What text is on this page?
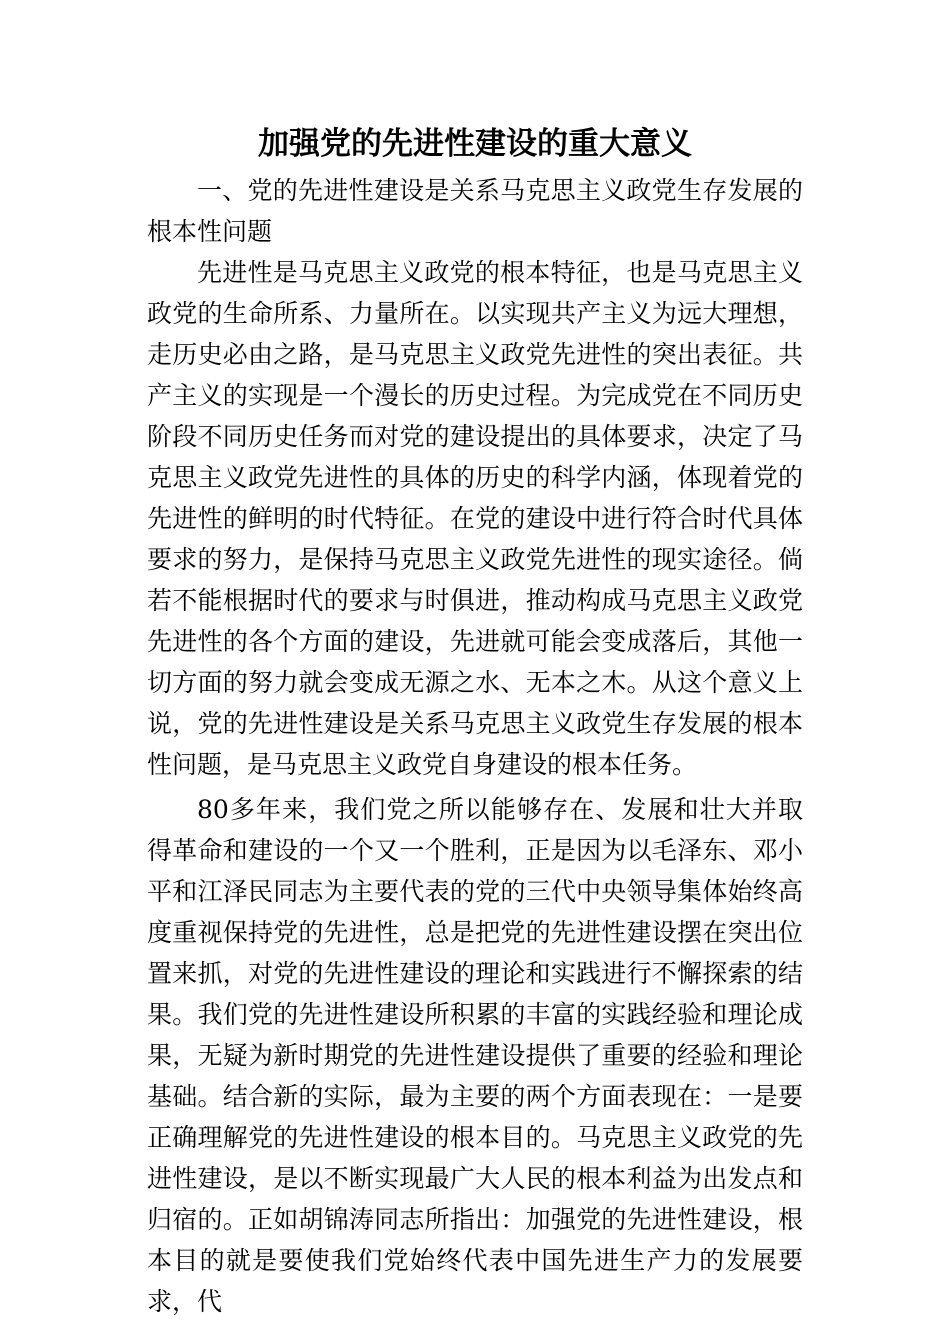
加强党的先进性建设的重大意义

一、党的先进性建设是关系马克思主义政党生存发展的根本性问题

先进性是马克思主义政党的根本特征，也是马克思主义政党的生命所系、力量所在。以实现共产主义为远大理想，走历史必由之路，是马克思主义政党先进性的突出表征。共产主义的实现是一个漫长的历史过程。为完成党在不同历史阶段不同历史任务而对党的建设提出的具体要求，决定了马克思主义政党先进性的具体的历史的科学内涵，体现着党的先进性的鲜明的时代特征。在党的建设中进行符合时代具体要求的努力，是保持马克思主义政党先进性的现实途径。倘若不能根据时代的要求与时俱进，推动构成马克思主义政党先进性的各个方面的建设，先进就可能会变成落后，其他一切方面的努力就会变成无源之水、无本之木。从这个意义上说，党的先进性建设是关系马克思主义政党生存发展的根本性问题，是马克思主义政党自身建设的根本任务。

80多年来，我们党之所以能够存在、发展和壮大并取得革命和建设的一个又一个胜利，正是因为以毛泽东、邓小平和江泽民同志为主要代表的党的三代中央领导集体始终高度重视保持党的先进性，总是把党的先进性建设摆在突出位置来抓，对党的先进性建设的理论和实践进行不懈探索的结果。我们党的先进性建设所积累的丰富的实践经验和理论成果，无疑为新时期党的先进性建设提供了重要的经验和理论基础。结合新的实际，最为主要的两个方面表现在：一是要正确理解党的先进性建设的根本目的。马克思主义政党的先进性建设，是以不断实现最广大人民的根本利益为出发点和归宿的。正如胡锦涛同志所指出：加强党的先进性建设，根本目的就是要使我们党始终代表中国先进生产力的发展要求，代
